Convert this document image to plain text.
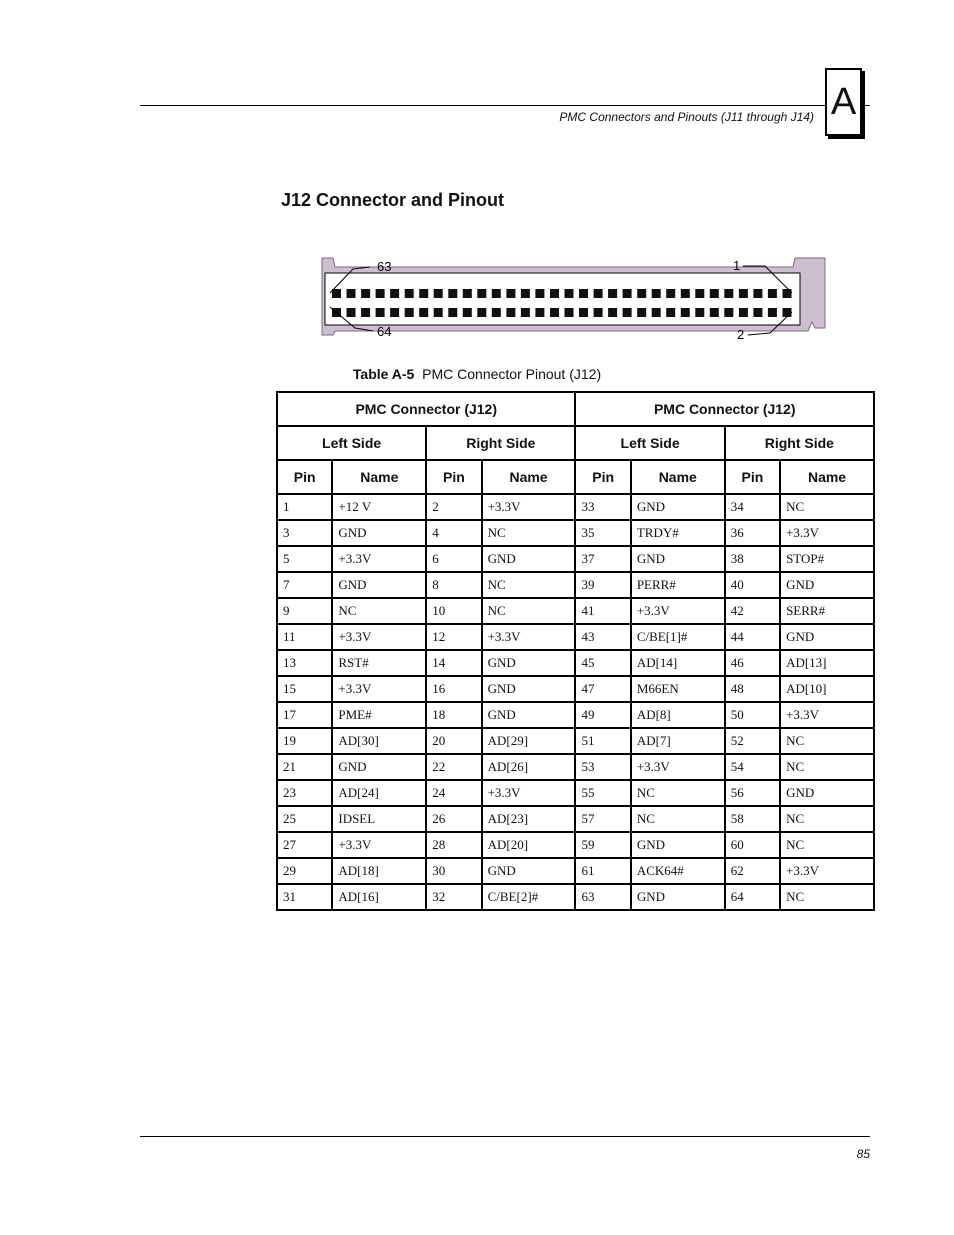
PMC Connectors and Pinouts (J11 through J14) A
J12 Connector and Pinout
63
64
1
2
Table A-5 PMC Connector Pinout (J12)
PMC Connector (J12)				PMC Connector (J12)			
Left Side		Right Side		Left Side		Right Side	
Pin	Name	Pin	Name	Pin	Name	Pin	Name
1	+12 V	2	+3.3V	33	GND	34	NC
3	GND	4	NC	35	TRDY#	36	+3.3V
5	+3.3V	6	GND	37	GND	38	STOP#
7	GND	8	NC	39	PERR#	40	GND
9	NC	10	NC	41	+3.3V	42	SERR#
11	+3.3V	12	+3.3V	43	C/BE[1]#	44	GND
13	RST#	14	GND	45	AD[14]	46	AD[13]
15	+3.3V	16	GND	47	M66EN	48	AD[10]
17	PME#	18	GND	49	AD[8]	50	+3.3V
19	AD[30]	20	AD[29]	51	AD[7]	52	NC
21	GND	22	AD[26]	53	+3.3V	54	NC
23	AD[24]	24	+3.3V	55	NC	56	GND
25	IDSEL	26	AD[23]	57	NC	58	NC
27	+3.3V	28	AD[20]	59	GND	60	NC
29	AD[18]	30	GND	61	ACK64#	62	+3.3V
31	AD[16]	32	C/BE[2]#	63	GND	64	NC
85
